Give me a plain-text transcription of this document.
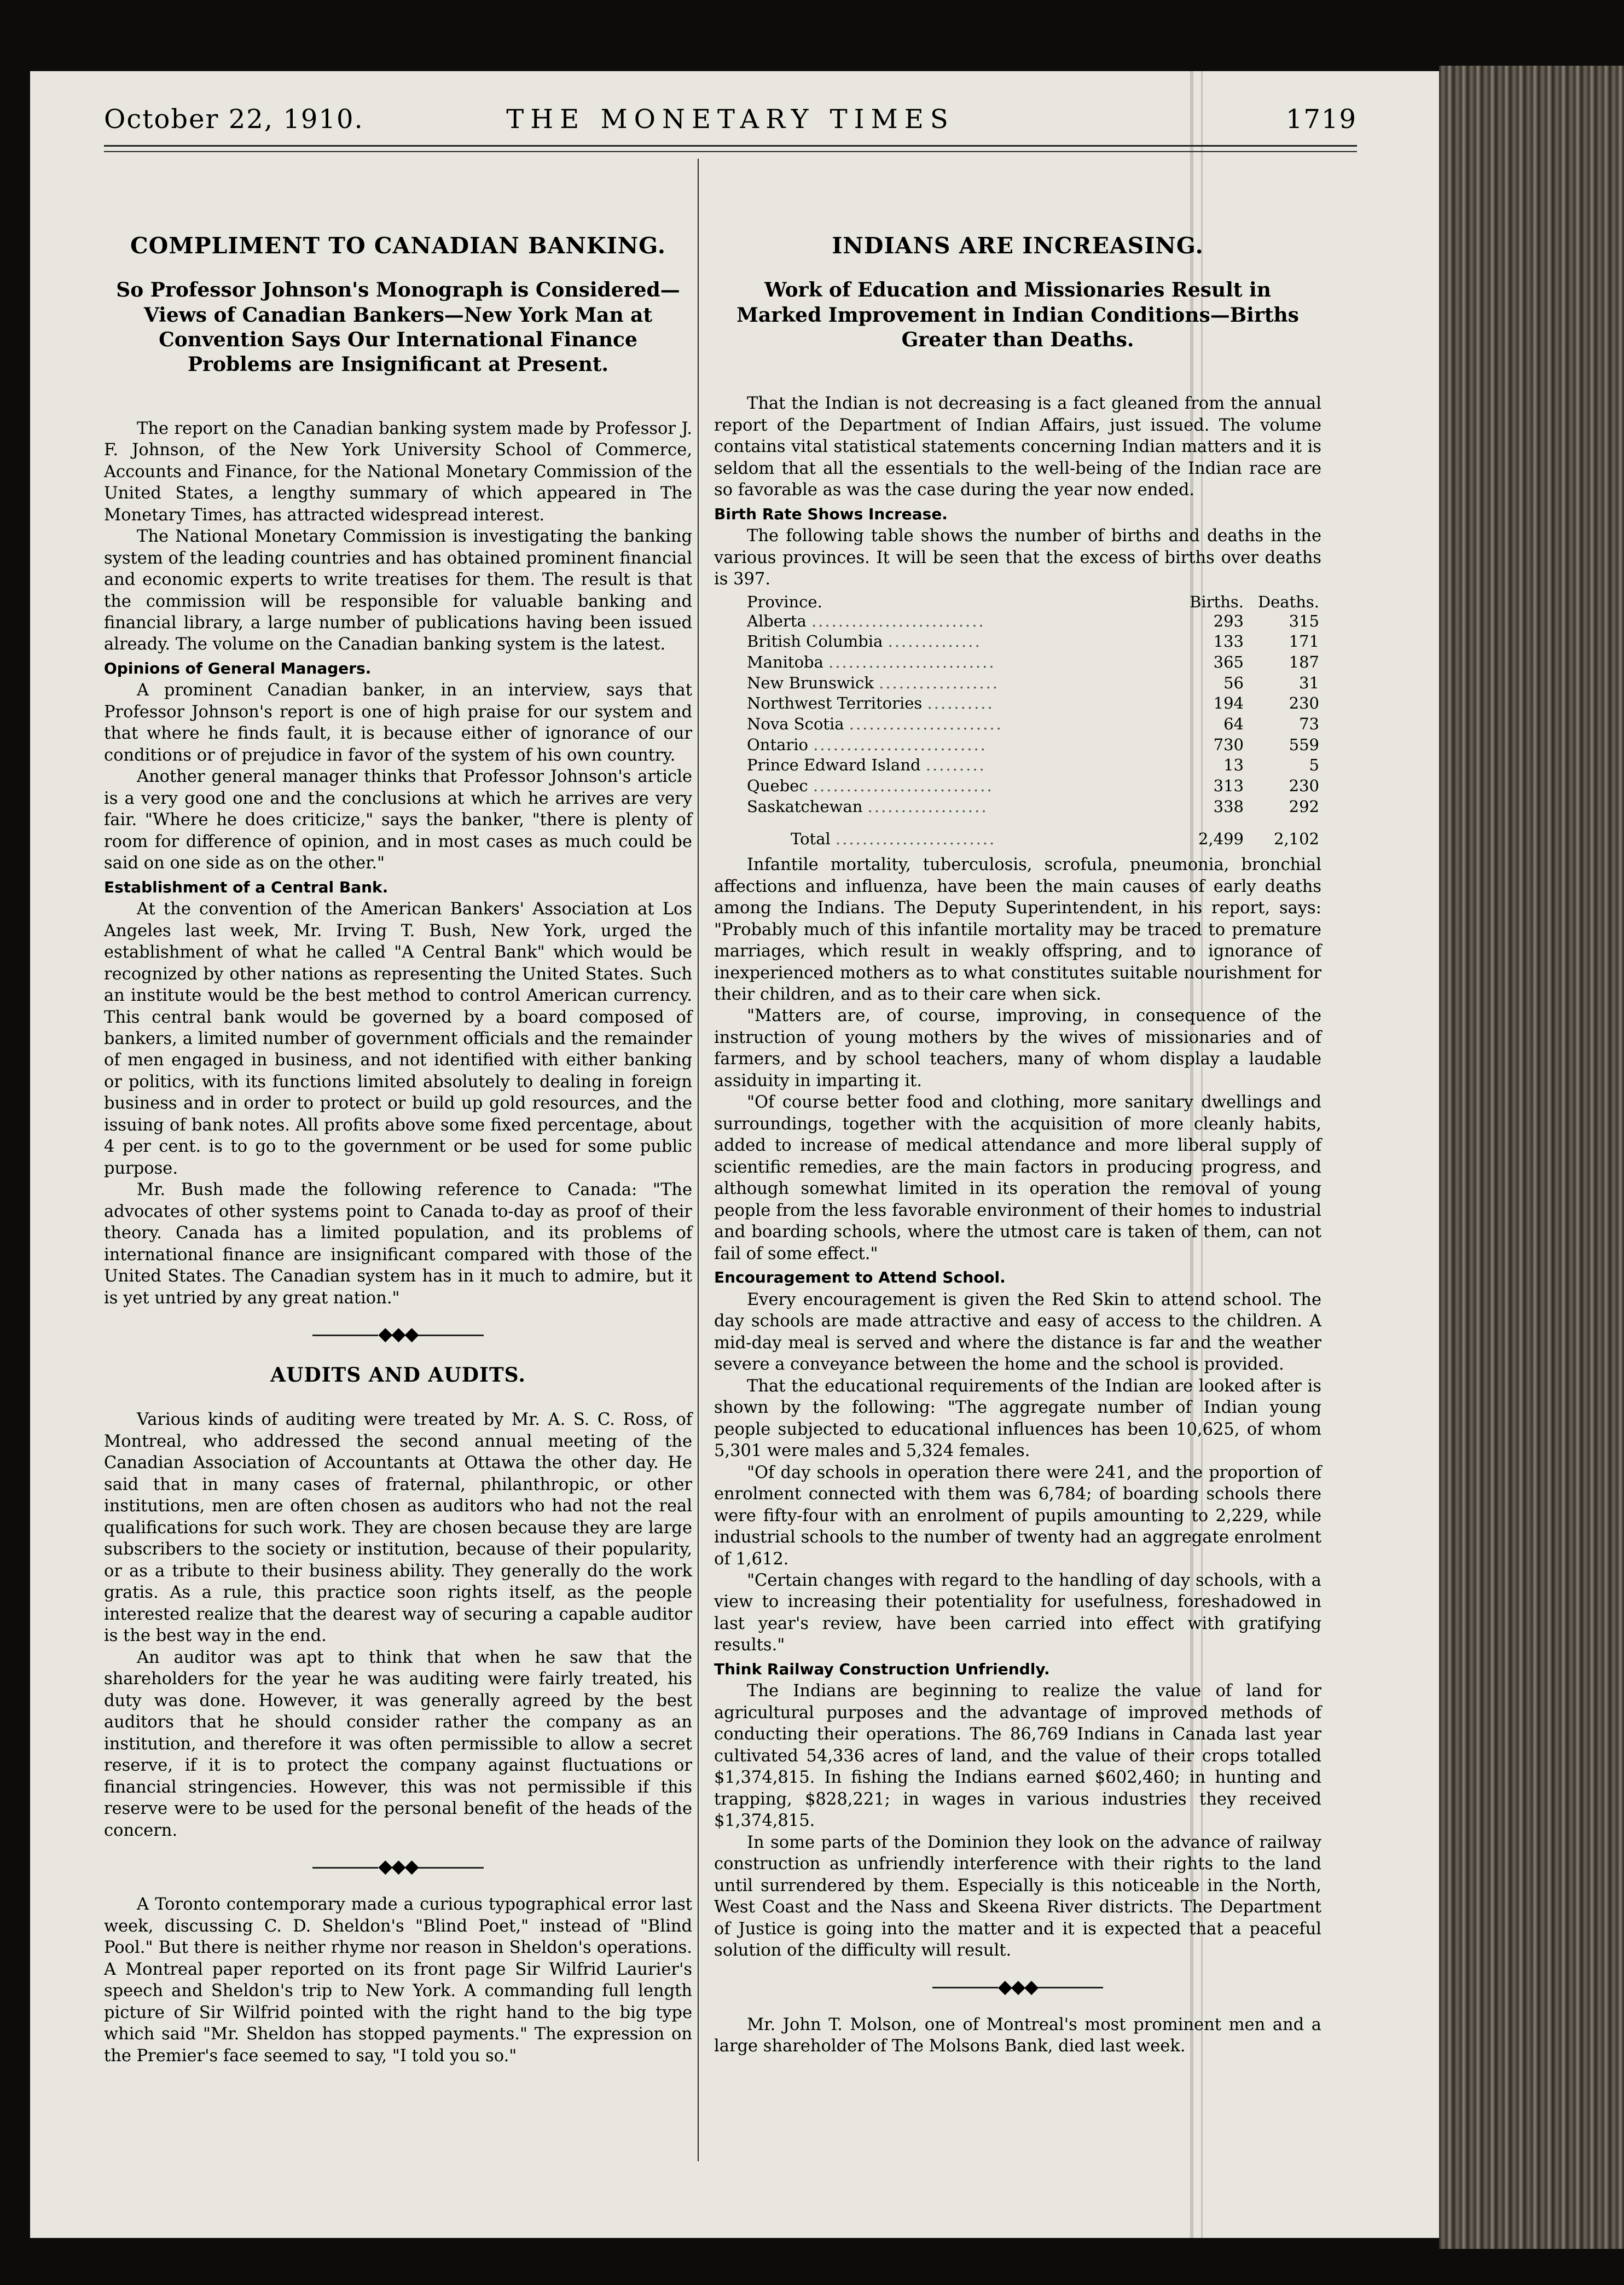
October 22, 1910.	THE MONETARY TIMES	1719
COMPLIMENT TO CANADIAN BANKING.
So Professor Johnson's Monograph is Considered—Views of Canadian Bankers—New York Man at Convention Says Our International Finance Problems are Insignificant at Present.

The report on the Canadian banking system made by Professor J. F. Johnson, of the New York University School of Commerce, Accounts and Finance, for the National Monetary Commission of the United States, a lengthy summary of which appeared in The Monetary Times, has attracted widespread interest.

The National Monetary Commission is investigating the banking system of the leading countries and has obtained prominent financial and economic experts to write treatises for them. The result is that the commission will be responsible for valuable banking and financial library, a large number of publications having been issued already. The volume on the Canadian banking system is the latest.

Opinions of General Managers.

A prominent Canadian banker, in an interview, says that Professor Johnson's report is one of high praise for our system and that where he finds fault, it is because either of ignorance of our conditions or of prejudice in favor of the system of his own country.

Another general manager thinks that Professor Johnson's article is a very good one and the conclusions at which he arrives are very fair. "Where he does criticize," says the banker, "there is plenty of room for difference of opinion, and in most cases as much could be said on one side as on the other."

Establishment of a Central Bank.

At the convention of the American Bankers' Association at Los Angeles last week, Mr. Irving T. Bush, New York, urged the establishment of what he called "A Central Bank" which would be recognized by other nations as representing the United States. Such an institute would be the best method to control American currency. This central bank would be governed by a board composed of bankers, a limited number of government officials and the remainder of men engaged in business, and not identified with either banking or politics, with its functions limited absolutely to dealing in foreign business and in order to protect or build up gold resources, and the issuing of bank notes. All profits above some fixed percentage, about 4 per cent. is to go to the government or be used for some public purpose.

Mr. Bush made the following reference to Canada: "The advocates of other systems point to Canada to-day as proof of their theory. Canada has a limited population, and its problems of international finance are insignificant compared with those of the United States. The Canadian system has in it much to admire, but it is yet untried by any great nation."

◆◆◆
AUDITS AND AUDITS.

Various kinds of auditing were treated by Mr. A. S. C. Ross, of Montreal, who addressed the second annual meeting of the Canadian Association of Accountants at Ottawa the other day. He said that in many cases of fraternal, philanthropic, or other institutions, men are often chosen as auditors who had not the real qualifications for such work. They are chosen because they are large subscribers to the society or institution, because of their popularity, or as a tribute to their business ability. They generally do the work gratis. As a rule, this practice soon rights itself, as the people interested realize that the dearest way of securing a capable auditor is the best way in the end.

An auditor was apt to think that when he saw that the shareholders for the year he was auditing were fairly treated, his duty was done. However, it was generally agreed by the best auditors that he should consider rather the company as an institution, and therefore it was often permissible to allow a secret reserve, if it is to protect the company against fluctuations or financial stringencies. However, this was not permissible if this reserve were to be used for the personal benefit of the heads of the concern.

◆◆◆

A Toronto contemporary made a curious typographical error last week, discussing C. D. Sheldon's "Blind Poet," instead of "Blind Pool." But there is neither rhyme nor reason in Sheldon's operations. A Montreal paper reported on its front page Sir Wilfrid Laurier's speech and Sheldon's trip to New York. A commanding full length picture of Sir Wilfrid pointed with the right hand to the big type which said "Mr. Sheldon has stopped payments." The expression on the Premier's face seemed to say, "I told you so."

INDIANS ARE INCREASING.
Work of Education and Missionaries Result in Marked Improvement in Indian Conditions—Births Greater than Deaths.

That the Indian is not decreasing is a fact gleaned from the annual report of the Department of Indian Affairs, just issued. The volume contains vital statistical statements concerning Indian matters and it is seldom that all the essentials to the well-being of the Indian race are so favorable as was the case during the year now ended.

Birth Rate Shows Increase.

The following table shows the number of births and deaths in the various provinces. It will be seen that the excess of births over deaths is 397.

Province.	Births.	Deaths.
Alberta ..........................	293	315
British Columbia ..............	133	171
Manitoba .........................	365	187
New Brunswick ..................	56	31
Northwest Territories ..........	194	230
Nova Scotia .......................	64	73
Ontario ..........................	730	559
Prince Edward Island .........	13	5
Quebec ...........................	313	230
Saskatchewan ..................	338	292
Total ........................	2,499	2,102

Infantile mortality, tuberculosis, scrofula, pneumonia, bronchial affections and influenza, have been the main causes of early deaths among the Indians. The Deputy Superintendent, in his report, says: "Probably much of this infantile mortality may be traced to premature marriages, which result in weakly offspring, and to ignorance of inexperienced mothers as to what constitutes suitable nourishment for their children, and as to their care when sick.

"Matters are, of course, improving, in consequence of the instruction of young mothers by the wives of missionaries and of farmers, and by school teachers, many of whom display a laudable assiduity in imparting it.

"Of course better food and clothing, more sanitary dwellings and surroundings, together with the acquisition of more cleanly habits, added to increase of medical attendance and more liberal supply of scientific remedies, are the main factors in producing progress, and although somewhat limited in its operation the removal of young people from the less favorable environment of their homes to industrial and boarding schools, where the utmost care is taken of them, can not fail of some effect."

Encouragement to Attend School.

Every encouragement is given the Red Skin to attend school. The day schools are made attractive and easy of access to the children. A mid-day meal is served and where the distance is far and the weather severe a conveyance between the home and the school is provided.

That the educational requirements of the Indian are looked after is shown by the following: "The aggregate number of Indian young people subjected to educational influences has been 10,625, of whom 5,301 were males and 5,324 females.

"Of day schools in operation there were 241, and the proportion of enrolment connected with them was 6,784; of boarding schools there were fifty-four with an enrolment of pupils amounting to 2,229, while industrial schools to the number of twenty had an aggregate enrolment of 1,612.

"Certain changes with regard to the handling of day schools, with a view to increasing their potentiality for usefulness, foreshadowed in last year's review, have been carried into effect with gratifying results."

Think Railway Construction Unfriendly.

The Indians are beginning to realize the value of land for agricultural purposes and the advantage of improved methods of conducting their operations. The 86,769 Indians in Canada last year cultivated 54,336 acres of land, and the value of their crops totalled $1,374,815. In fishing the Indians earned $602,460; in hunting and trapping, $828,221; in wages in various industries they received $1,374,815.

In some parts of the Dominion they look on the advance of railway construction as unfriendly interference with their rights to the land until surrendered by them. Especially is this noticeable in the North, West Coast and the Nass and Skeena River districts. The Department of Justice is going into the matter and it is expected that a peaceful solution of the difficulty will result.

◆◆◆

Mr. John T. Molson, one of Montreal's most prominent men and a large shareholder of The Molsons Bank, died last week.
